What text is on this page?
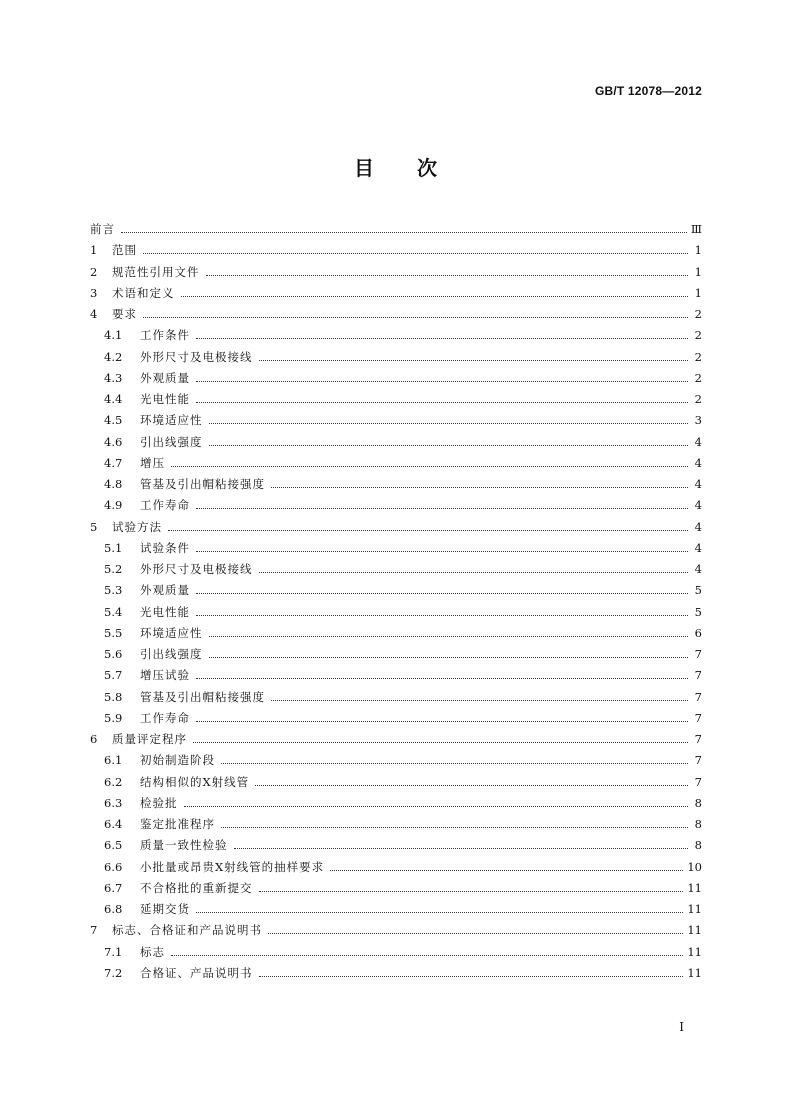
GB/T 12078—2012
目 次
前言	Ⅲ
1	范围	1
2	规范性引用文件	1
3	术语和定义	1
4	要求	2
4.1	工作条件	2
4.2	外形尺寸及电极接线	2
4.3	外观质量	2
4.4	光电性能	2
4.5	环境适应性	3
4.6	引出线强度	4
4.7	增压	4
4.8	管基及引出帽粘接强度	4
4.9	工作寿命	4
5	试验方法	4
5.1	试验条件	4
5.2	外形尺寸及电极接线	4
5.3	外观质量	5
5.4	光电性能	5
5.5	环境适应性	6
5.6	引出线强度	7
5.7	增压试验	7
5.8	管基及引出帽粘接强度	7
5.9	工作寿命	7
6	质量评定程序	7
6.1	初始制造阶段	7
6.2	结构相似的X射线管	7
6.3	检验批	8
6.4	鉴定批准程序	8
6.5	质量一致性检验	8
6.6	小批量或昂贵X射线管的抽样要求	10
6.7	不合格批的重新提交	11
6.8	延期交货	11
7	标志、合格证和产品说明书	11
7.1	标志	11
7.2	合格证、产品说明书	11
I
